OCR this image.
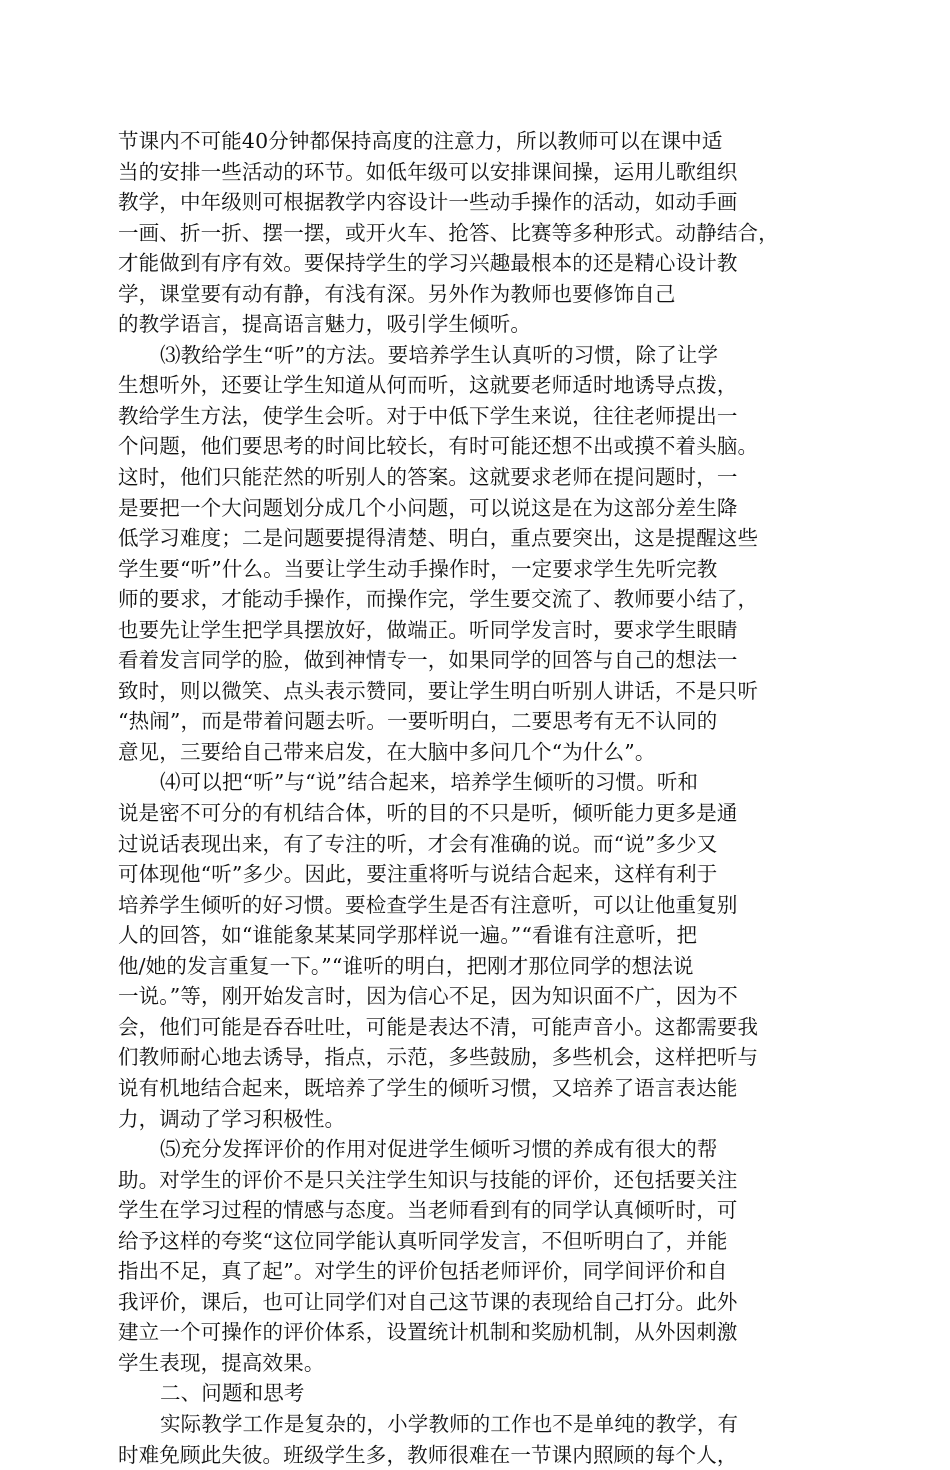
节课内不可能40分钟都保持高度的注意力，所以教师可以在课中适
当的安排一些活动的环节。如低年级可以安排课间操，运用儿歌组织
教学，中年级则可根据教学内容设计一些动手操作的活动，如动手画
一画、折一折、摆一摆，或开火车、抢答、比赛等多种形式。动静结合，
才能做到有序有效。要保持学生的学习兴趣最根本的还是精心设计教
学，课堂要有动有静，有浅有深。另外作为教师也要修饰自己
的教学语言，提高语言魅力，吸引学生倾听。
⑶教给学生“听”的方法。要培养学生认真听的习惯，除了让学
生想听外，还要让学生知道从何而听，这就要老师适时地诱导点拨，
教给学生方法，使学生会听。对于中低下学生来说，往往老师提出一
个问题，他们要思考的时间比较长，有时可能还想不出或摸不着头脑。
这时，他们只能茫然的听别人的答案。这就要求老师在提问题时，一
是要把一个大问题划分成几个小问题，可以说这是在为这部分差生降
低学习难度；二是问题要提得清楚、明白，重点要突出，这是提醒这些
学生要“听”什么。当要让学生动手操作时，一定要求学生先听完教
师的要求，才能动手操作，而操作完，学生要交流了、教师要小结了，
也要先让学生把学具摆放好，做端正。听同学发言时，要求学生眼睛
看着发言同学的脸，做到神情专一，如果同学的回答与自己的想法一
致时，则以微笑、点头表示赞同，要让学生明白听别人讲话，不是只听
“热闹”，而是带着问题去听。一要听明白，二要思考有无不认同的
意见，三要给自己带来启发，在大脑中多问几个“为什么”。
⑷可以把“听”与“说”结合起来，培养学生倾听的习惯。听和
说是密不可分的有机结合体，听的目的不只是听，倾听能力更多是通
过说话表现出来，有了专注的听，才会有准确的说。而“说”多少又
可体现他“听”多少。因此，要注重将听与说结合起来，这样有利于
培养学生倾听的好习惯。要检查学生是否有注意听，可以让他重复别
人的回答，如“谁能象某某同学那样说一遍。”“看谁有注意听，把
他/她的发言重复一下。”“谁听的明白，把刚才那位同学的想法说
一说。”等，刚开始发言时，因为信心不足，因为知识面不广，因为不
会，他们可能是吞吞吐吐，可能是表达不清，可能声音小。这都需要我
们教师耐心地去诱导，指点，示范，多些鼓励，多些机会，这样把听与
说有机地结合起来，既培养了学生的倾听习惯，又培养了语言表达能
力，调动了学习积极性。
⑸充分发挥评价的作用对促进学生倾听习惯的养成有很大的帮
助。对学生的评价不是只关注学生知识与技能的评价，还包括要关注
学生在学习过程的情感与态度。当老师看到有的同学认真倾听时，可
给予这样的夸奖“这位同学能认真听同学发言，不但听明白了，并能
指出不足，真了起”。对学生的评价包括老师评价，同学间评价和自
我评价，课后，也可让同学们对自己这节课的表现给自己打分。此外
建立一个可操作的评价体系，设置统计机制和奖励机制，从外因刺激
学生表现，提高效果。
二、问题和思考
实际教学工作是复杂的，小学教师的工作也不是单纯的教学，有
时难免顾此失彼。班级学生多，教师很难在一节课内照顾的每个人，
